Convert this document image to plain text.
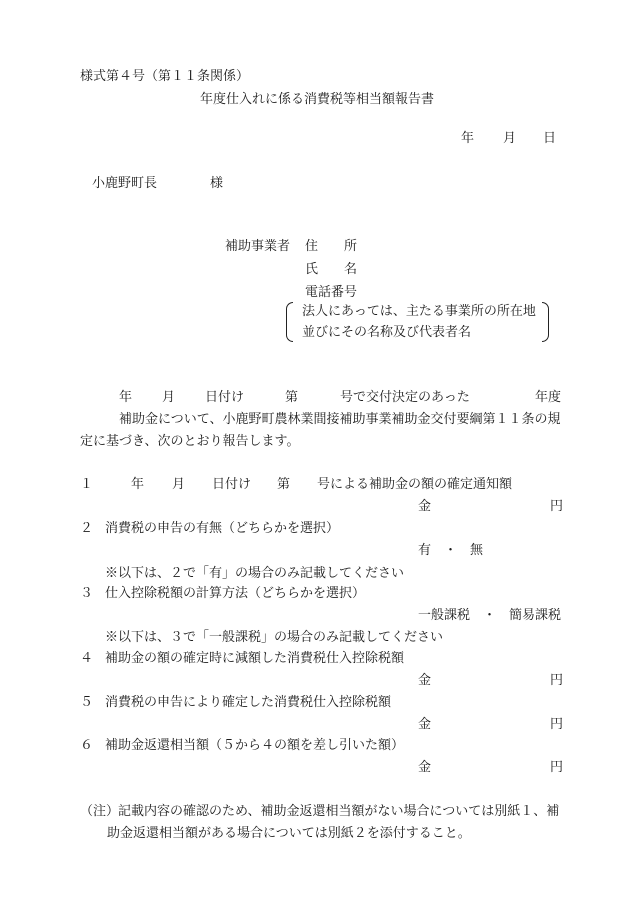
様式第４号（第１１条関係）
年度仕入れに係る消費税等相当額報告書
年 月 日
小鹿野町長	様
補助事業者 住　　所
氏　　名
電話番号
法人にあっては、主たる事業所の所在地
並びにその名称及び代表者名
年 月 日付け	第	号で交付決定のあった	年度
補助金について、小鹿野町農林業間接補助事業補助金交付要綱第１１条の規
定に基づき、次のとおり報告します。
１	年 月 日付け 第 号による補助金の額の確定通知額
金	円
２ 消費税の申告の有無（どちらかを選択）
有　・　無
※以下は、２で「有」の場合のみ記載してください
３ 仕入控除税額の計算方法（どちらかを選択）
一般課税　・　簡易課税
※以下は、３で「一般課税」の場合のみ記載してください
４ 補助金の額の確定時に減額した消費税仕入控除税額
金	円
５ 消費税の申告により確定した消費税仕入控除税額
金	円
６ 補助金返還相当額（５から４の額を差し引いた額）
金	円
（注）
記載内容の確認のため、補助金返還相当額がない場合については別紙１、補
助金返還相当額がある場合については別紙２を添付すること。
